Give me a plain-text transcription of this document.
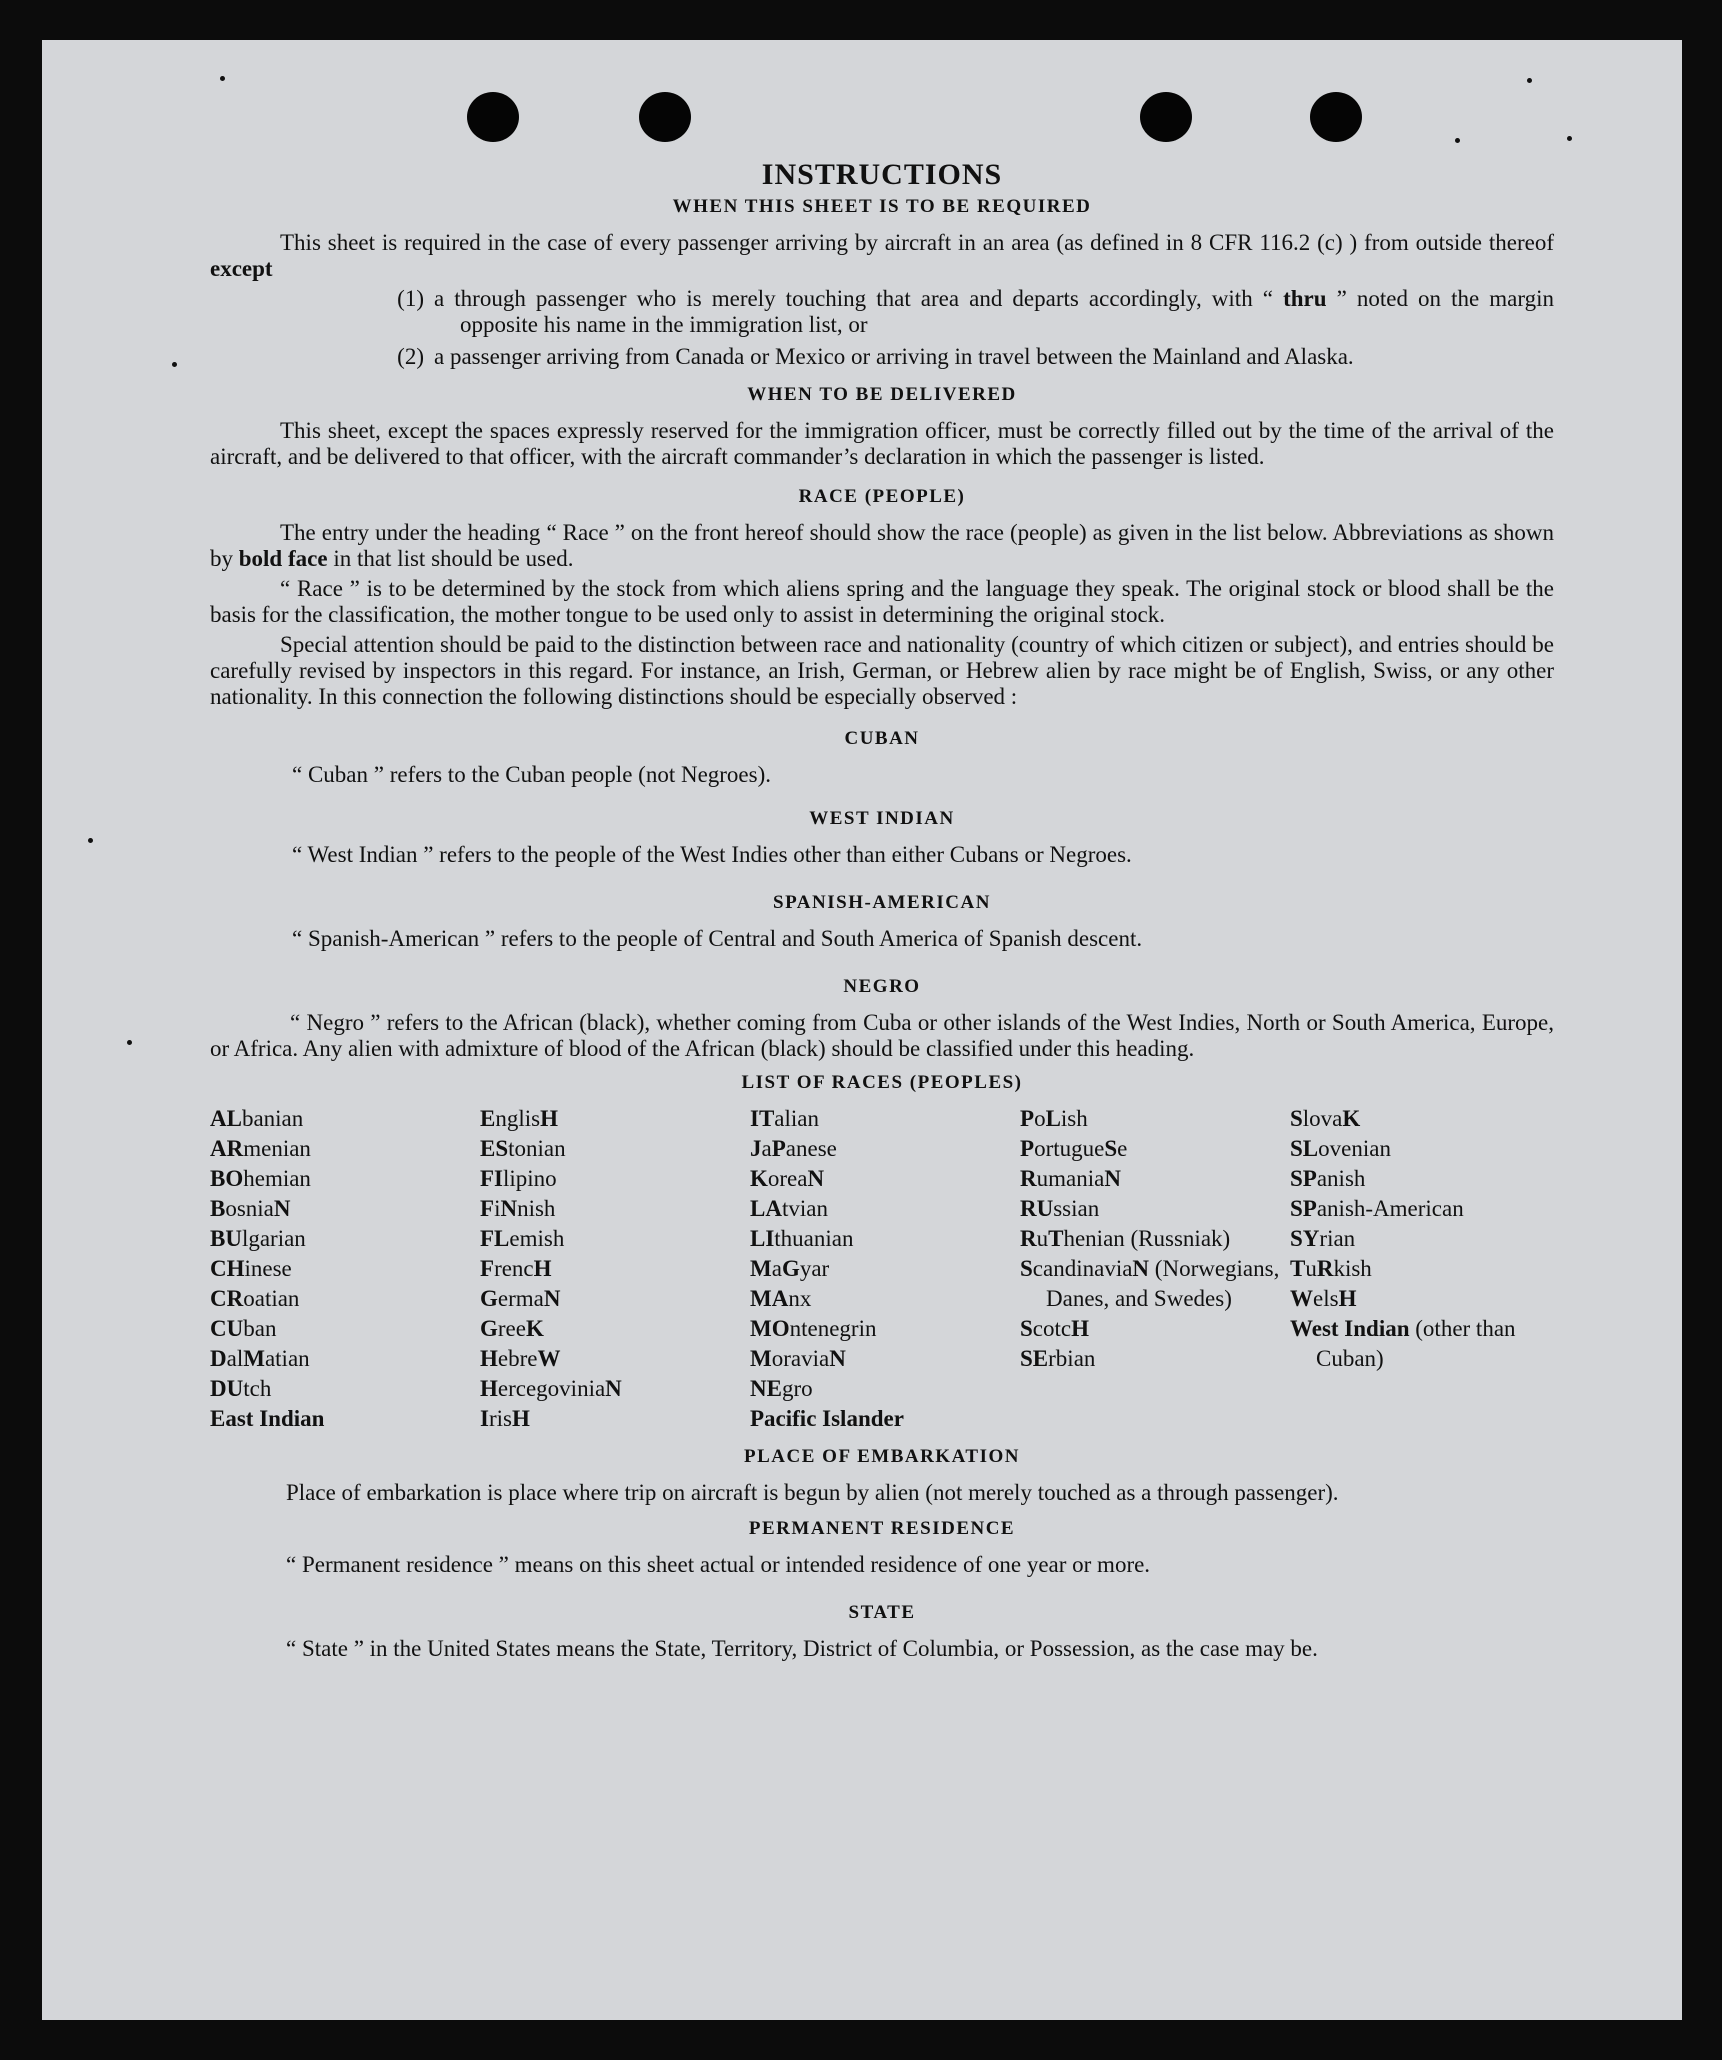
INSTRUCTIONS
WHEN THIS SHEET IS TO BE REQUIRED
This sheet is required in the case of every passenger arriving by aircraft in an area (as defined in 8 CFR 116.2 (c) ) from outside thereof except
(1) a through passenger who is merely touching that area and departs accordingly, with “ thru ” noted on the margin opposite his name in the immigration list, or
(2) a passenger arriving from Canada or Mexico or arriving in travel between the Mainland and Alaska.
WHEN TO BE DELIVERED
This sheet, except the spaces expressly reserved for the immigration officer, must be correctly filled out by the time of the arrival of the aircraft, and be delivered to that officer, with the aircraft commander’s declaration in which the passenger is listed.
RACE (PEOPLE)
The entry under the heading “ Race ” on the front hereof should show the race (people) as given in the list below. Abbreviations as shown by bold face in that list should be used.
“ Race ” is to be determined by the stock from which aliens spring and the language they speak. The original stock or blood shall be the basis for the classification, the mother tongue to be used only to assist in determining the original stock.
Special attention should be paid to the distinction between race and nationality (country of which citizen or subject), and entries should be carefully revised by inspectors in this regard. For instance, an Irish, German, or Hebrew alien by race might be of English, Swiss, or any other nationality. In this connection the following distinctions should be especially observed :
CUBAN
“ Cuban ” refers to the Cuban people (not Negroes).
WEST INDIAN
“ West Indian ” refers to the people of the West Indies other than either Cubans or Negroes.
SPANISH-AMERICAN
“ Spanish-American ” refers to the people of Central and South America of Spanish descent.
NEGRO
“ Negro ” refers to the African (black), whether coming from Cuba or other islands of the West Indies, North or South America, Europe, or Africa. Any alien with admixture of blood of the African (black) should be classified under this heading.
LIST OF RACES (PEOPLES)
ALbanian
ARmenian
BOhemian
BosniaN
BUlgarian
CHinese
CRoatian
CUban
DalMatian
DUtch
East Indian
EnglisH
EStonian
FIlipino
FiNnish
FLemish
FrencH
GermaN
GreeK
HebreW
HercegoviniaN
IrisH
ITalian
JaPanese
KoreaN
LAtvian
LIthuanian
MaGyar
MAnx
MOntenegrin
MoraviaN
NEgro
Pacific Islander
PoLish
PortugueSe
RumaniaN
RUssian
RuThenian (Russniak)
ScandinaviaN (Norwegians, Danes, and Swedes)
ScotcH
SErbian
SlovaK
SLovenian
SPanish
SPanish-American
SYrian
TuRkish
WelsH
West Indian (other than Cuban)
PLACE OF EMBARKATION
Place of embarkation is place where trip on aircraft is begun by alien (not merely touched as a through passenger).
PERMANENT RESIDENCE
“ Permanent residence ” means on this sheet actual or intended residence of one year or more.
STATE
“ State ” in the United States means the State, Territory, District of Columbia, or Possession, as the case may be.
